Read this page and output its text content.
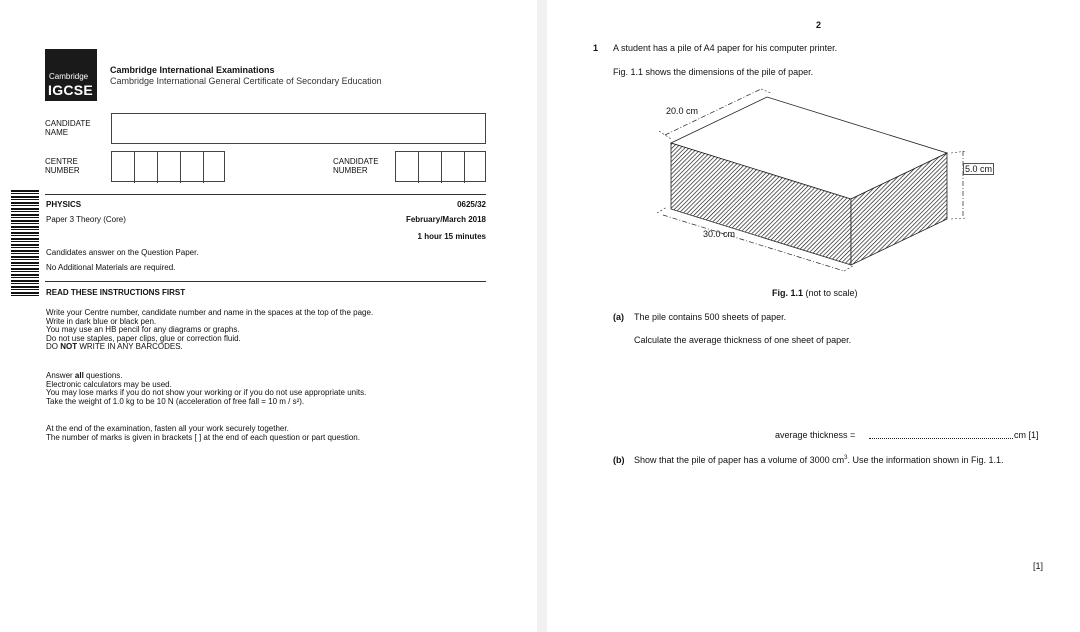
Cambridge
IGCSE
Cambridge International Examinations
Cambridge International General Certificate of Secondary Education
CANDIDATE
NAME
CENTRE
NUMBER
CANDIDATE
NUMBER
PHYSICS	0625/32
Paper 3 Theory (Core)	February/March 2018
1 hour 15 minutes
Candidates answer on the Question Paper.
No Additional Materials are required.
READ THESE INSTRUCTIONS FIRST
Write your Centre number, candidate number and name in the spaces at the top of the page.
Write in dark blue or black pen.
You may use an HB pencil for any diagrams or graphs.
Do not use staples, paper clips, glue or correction fluid.
DO NOT WRITE IN ANY BARCODES.
Answer all questions.
Electronic calculators may be used.
You may lose marks if you do not show your working or if you do not use appropriate units.
Take the weight of 1.0 kg to be 10 N (acceleration of free fall = 10 m / s²).
At the end of the examination, fasten all your work securely together.
The number of marks is given in brackets [ ] at the end of each question or part question.
2
1 A student has a pile of A4 paper for his computer printer.
Fig. 1.1 shows the dimensions of the pile of paper.
20.0 cm
30.0 cm
5.0 cm
Fig. 1.1 (not to scale)
(a) The pile contains 500 sheets of paper.
Calculate the average thickness of one sheet of paper.
average thickness =	cm [1]
(b) Show that the pile of paper has a volume of 3000 $cm^3$. Use the information shown in Fig. 1.1.
[1]
